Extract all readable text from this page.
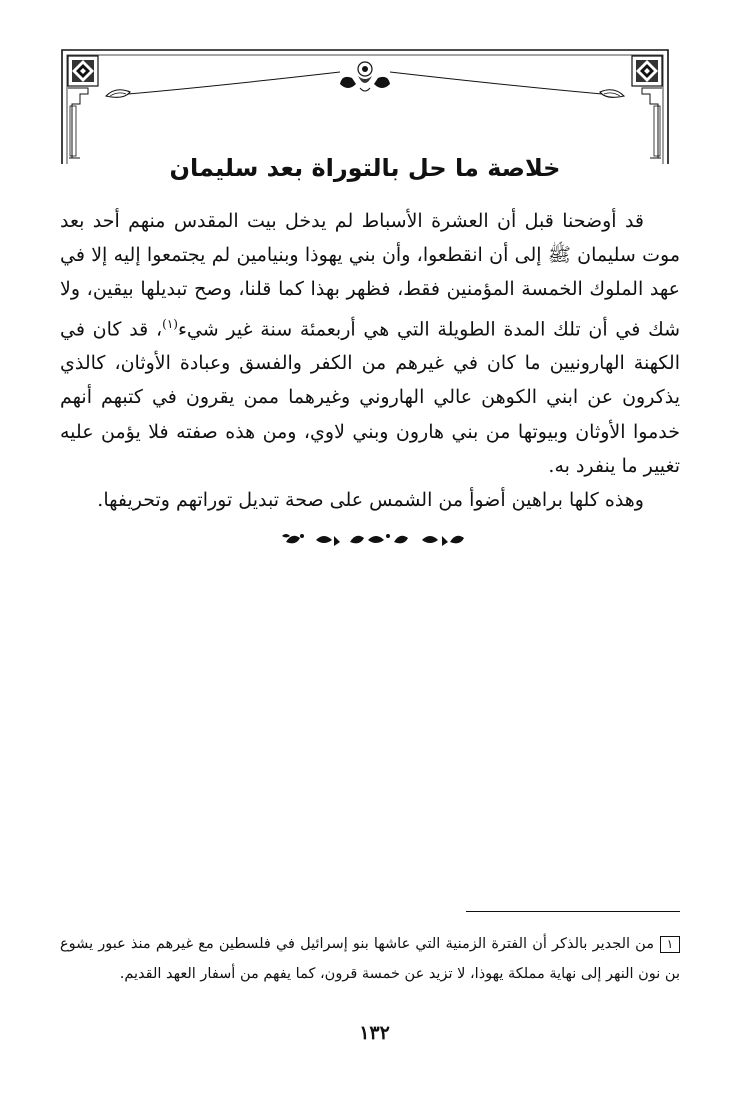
خلاصة ما حل بالتوراة بعد سليمان

قد أوضحنا قبل أن العشرة الأسباط لم يدخل بيت المقدس منهم أحد بعد موت سليمان ﷺ إلى أن انقطعوا، وأن بني يهوذا وبنيامين لم يجتمعوا إليه إلا في عهد الملوك الخمسة المؤمنين فقط، فظهر بهذا كما قلنا، وصح تبديلها بيقين، ولا شك في أن تلك المدة الطويلة التي هي أربعمئة سنة غير شيء$^{(١)}$، قد كان في الكهنة الهارونيين ما كان في غيرهم من الكفر والفسق وعبادة الأوثان، كالذي يذكرون عن ابني الكوهن عالي الهاروني وغيرهما ممن يقرون في كتبهم أنهم خدموا الأوثان وبيوتها من بني هارون وبني لاوي، ومن هذه صفته فلا يؤمن عليه تغيير ما ينفرد به.

وهذه كلها براهين أضوأ من الشمس على صحة تبديل توراتهم وتحريفها.

١من الجدير بالذكر أن الفترة الزمنية التي عاشها بنو إسرائيل في فلسطين مع غيرهم منذ عبور يشوع بن نون النهر إلى نهاية مملكة يهوذا، لا تزيد عن خمسة قرون، كما يفهم من أسفار العهد القديم.

١٣٢
